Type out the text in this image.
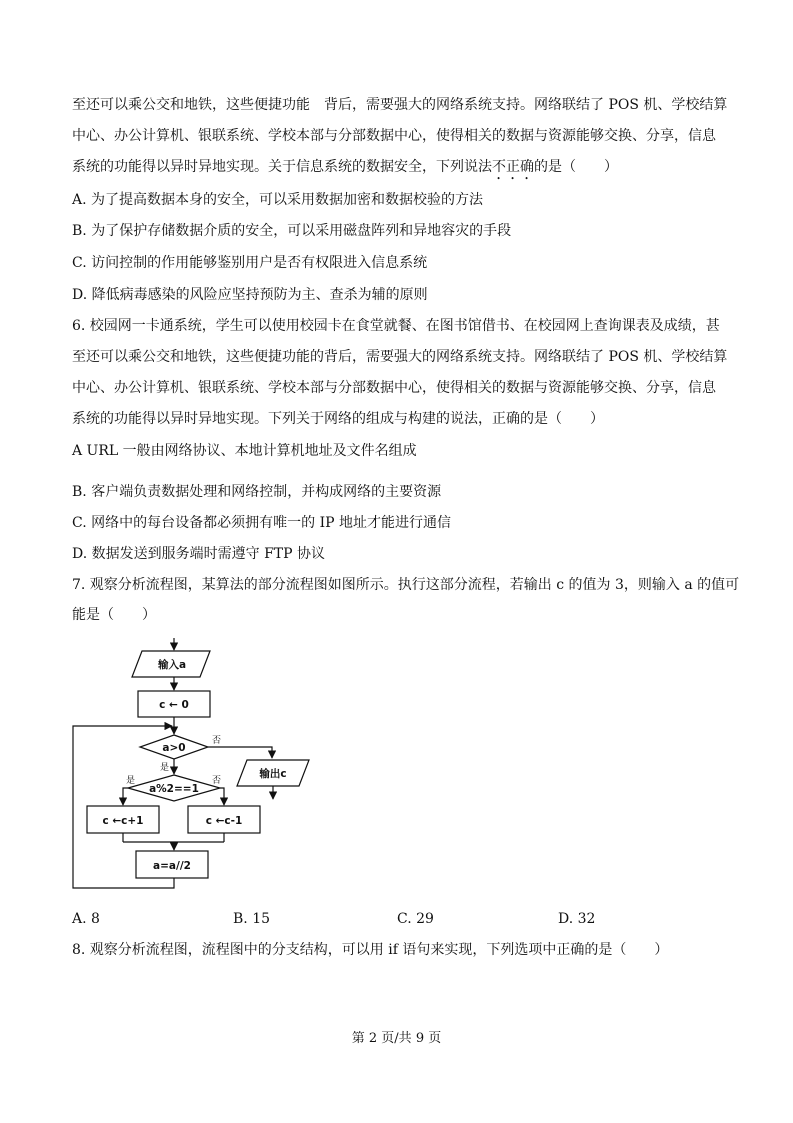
至还可以乘公交和地铁，这些便捷功能　背后，需要强大的网络系统支持。网络联结了 POS 机、学校结算
中心、办公计算机、银联系统、学校本部与分部数据中心，使得相关的数据与资源能够交换、分享，信息
系统的功能得以异时异地实现。关于信息系统的数据安全，下列说法不正确的是（　　）
A. 为了提高数据本身的安全，可以采用数据加密和数据校验的方法
B. 为了保护存储数据介质的安全，可以采用磁盘阵列和异地容灾的手段
C. 访问控制的作用能够鉴别用户是否有权限进入信息系统
D. 降低病毒感染的风险应坚持预防为主、查杀为辅的原则
6. 校园网一卡通系统，学生可以使用校园卡在食堂就餐、在图书馆借书、在校园网上查询课表及成绩，甚
至还可以乘公交和地铁，这些便捷功能的背后，需要强大的网络系统支持。网络联结了 POS 机、学校结算
中心、办公计算机、银联系统、学校本部与分部数据中心，使得相关的数据与资源能够交换、分享，信息
系统的功能得以异时异地实现。下列关于网络的组成与构建的说法，正确的是（　　）
A URL 一般由网络协议、本地计算机地址及文件名组成
B. 客户端负责数据处理和网络控制，并构成网络的主要资源
C. 网络中的每台设备都必须拥有唯一的 IP 地址才能进行通信
D. 数据发送到服务端时需遵守 FTP 协议
7. 观察分析流程图，某算法的部分流程图如图所示。执行这部分流程，若输出 c 的值为 3，则输入 a 的值可
能是（　　）
输入a
c ← 0
a>0
输出c
a%2==1
c ←c+1	c ←c-1
a=a//2
否
是
是	否
A. 8	B. 15	C. 29	D. 32
8. 观察分析流程图，流程图中的分支结构，可以用 if 语句来实现，下列选项中正确的是（　　）
第 2 页/共 9 页
